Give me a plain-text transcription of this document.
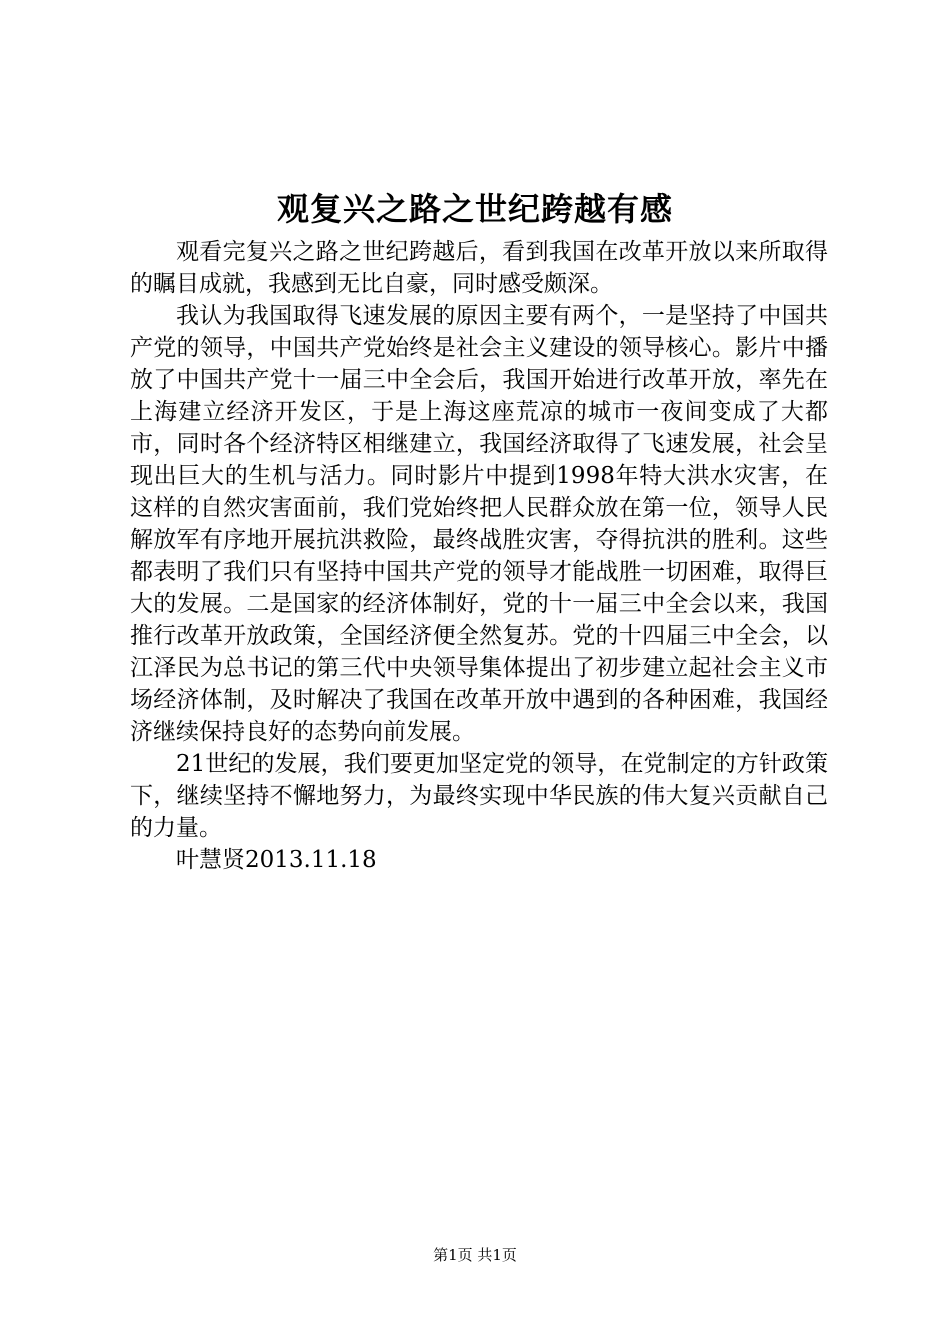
观复兴之路之世纪跨越有感

观看完复兴之路之世纪跨越后，看到我国在改革开放以来所取得的瞩目成就，我感到无比自豪，同时感受颇深。

我认为我国取得飞速发展的原因主要有两个，一是坚持了中国共产党的领导，中国共产党始终是社会主义建设的领导核心。影片中播放了中国共产党十一届三中全会后，我国开始进行改革开放，率先在上海建立经济开发区，于是上海这座荒凉的城市一夜间变成了大都市，同时各个经济特区相继建立，我国经济取得了飞速发展，社会呈现出巨大的生机与活力。同时影片中提到1998年特大洪水灾害，在这样的自然灾害面前，我们党始终把人民群众放在第一位，领导人民解放军有序地开展抗洪救险，最终战胜灾害，夺得抗洪的胜利。这些都表明了我们只有坚持中国共产党的领导才能战胜一切困难，取得巨大的发展。二是国家的经济体制好，党的十一届三中全会以来，我国推行改革开放政策，全国经济便全然复苏。党的十四届三中全会，以江泽民为总书记的第三代中央领导集体提出了初步建立起社会主义市场经济体制，及时解决了我国在改革开放中遇到的各种困难，我国经济继续保持良好的态势向前发展。

21世纪的发展，我们要更加坚定党的领导，在党制定的方针政策下，继续坚持不懈地努力，为最终实现中华民族的伟大复兴贡献自己的力量。

叶慧贤2013.11.18

第1页 共1页
